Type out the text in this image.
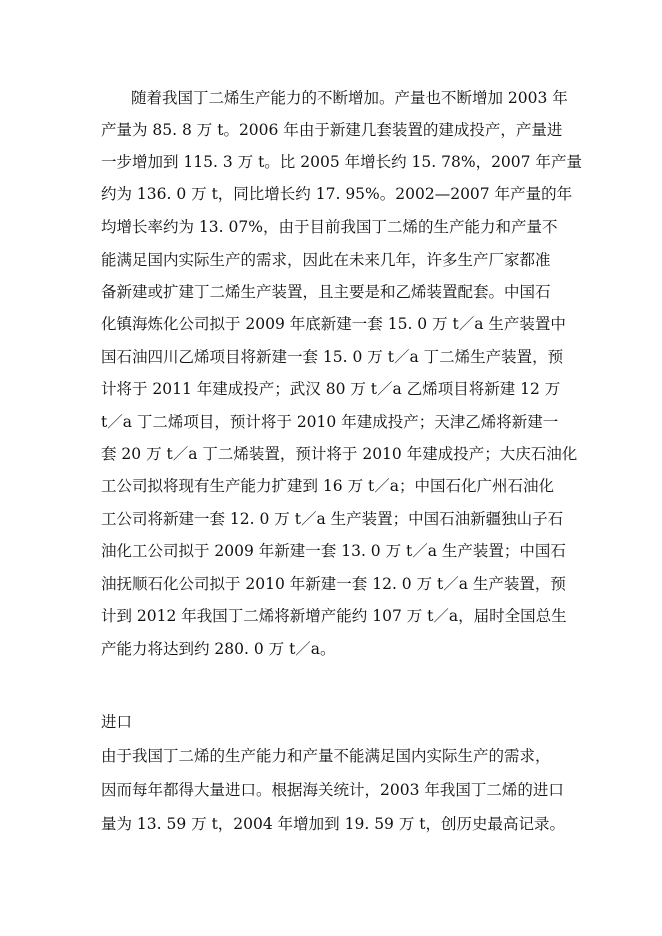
随着我国丁二烯生产能力的不断增加。产量也不断增加 2003 年
产量为 85. 8 万 t。2006 年由于新建几套装置的建成投产，产量进
一步增加到 115. 3 万 t。比 2005 年增长约 15. 78%，2007 年产量
约为 136. 0 万 t，同比增长约 17. 95%。2002—2007 年产量的年
均增长率约为 13. 07%，由于目前我国丁二烯的生产能力和产量不
能满足国内实际生产的需求，因此在未来几年，许多生产厂家都准
备新建或扩建丁二烯生产装置，且主要是和乙烯装置配套。中国石
化镇海炼化公司拟于 2009 年底新建一套 15. 0 万 t／a 生产装置中
国石油四川乙烯项目将新建一套 15. 0 万 t／a 丁二烯生产装置，预
计将于 2011 年建成投产；武汉 80 万 t／a 乙烯项目将新建 12 万
t／a 丁二烯项目，预计将于 2010 年建成投产；天津乙烯将新建一
套 20 万 t／a 丁二烯装置，预计将于 2010 年建成投产；大庆石油化
工公司拟将现有生产能力扩建到 16 万 t／a；中国石化广州石油化
工公司将新建一套 12. 0 万 t／a 生产装置；中国石油新疆独山子石
油化工公司拟于 2009 年新建一套 13. 0 万 t／a 生产装置；中国石
油抚顺石化公司拟于 2010 年新建一套 12. 0 万 t／a 生产装置，预
计到 2012 年我国丁二烯将新增产能约 107 万 t／a，届时全国总生
产能力将达到约 280. 0 万 t／a。
进口
由于我国丁二烯的生产能力和产量不能满足国内实际生产的需求，
因而每年都得大量进口。根据海关统计，2003 年我国丁二烯的进口
量为 13. 59 万 t，2004 年增加到 19. 59 万 t，创历史最高记录。
